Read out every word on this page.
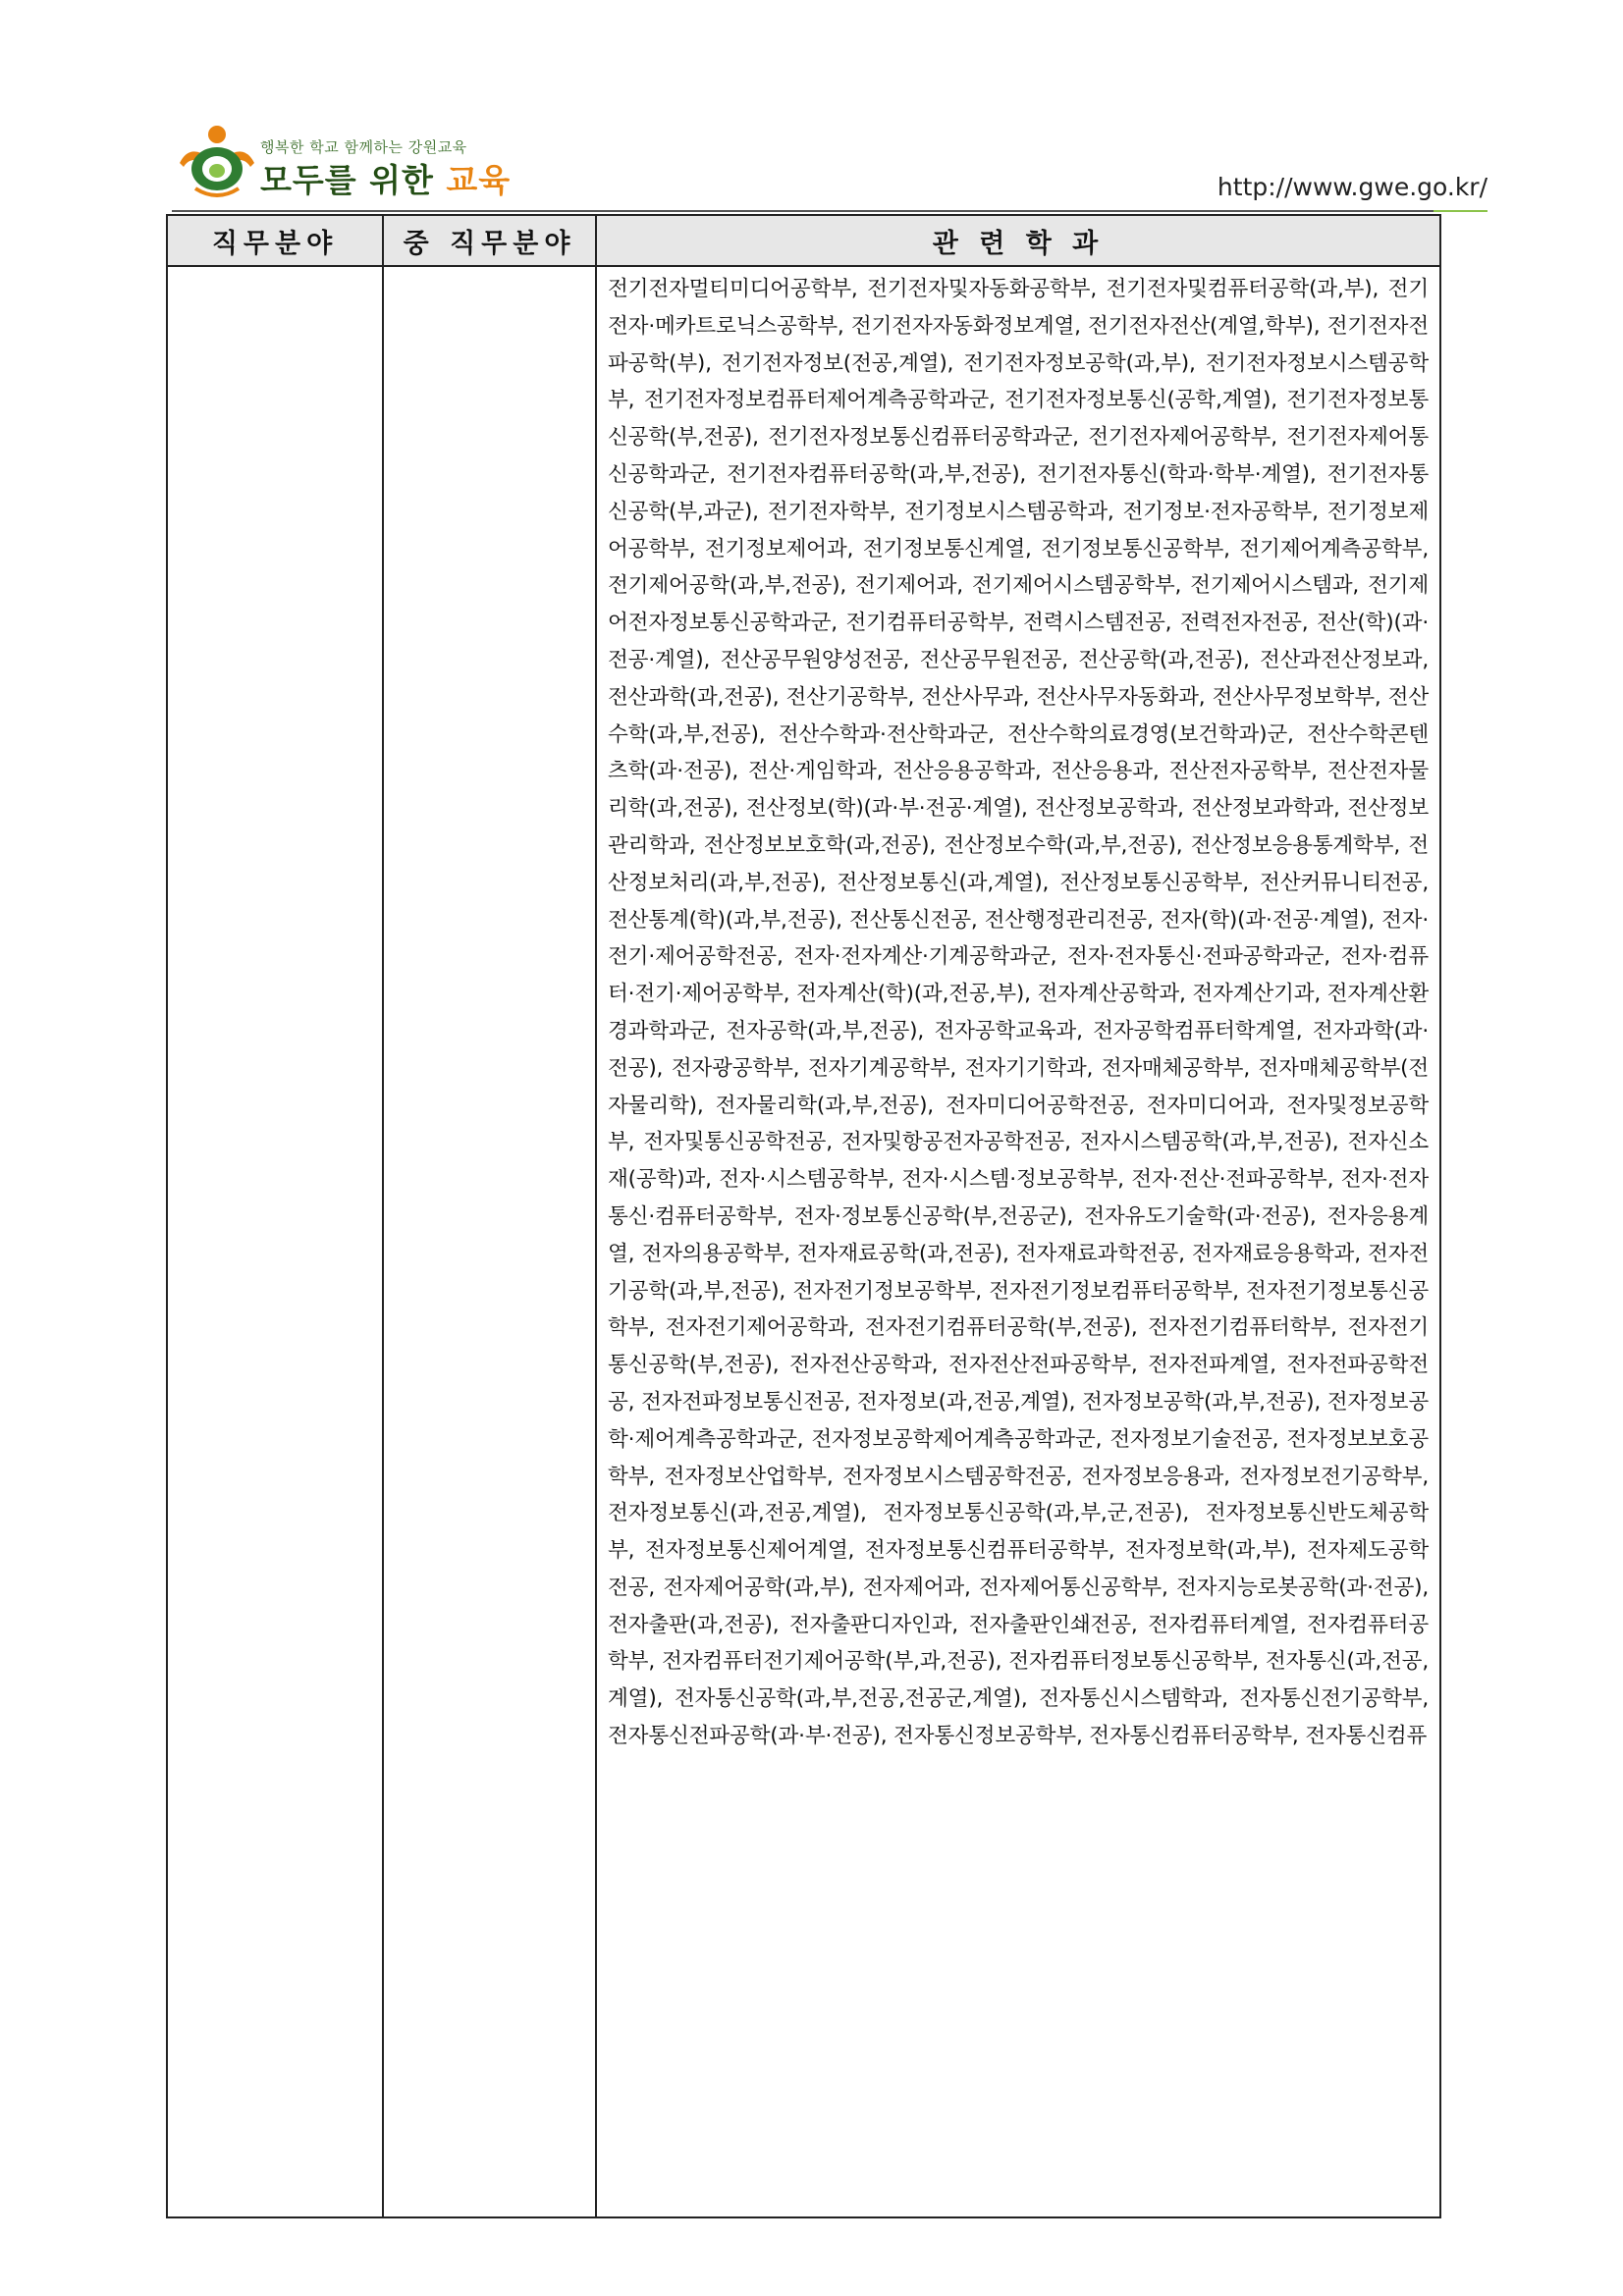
행복한 학교 함께하는 강원교육
모두를 위한 교육	http://www.gwe.go.kr/
직무분야	중 직무분야	관 련 학 과

		전기전자멀티미디어공학부, 전기전자및자동화공학부, 전기전자및컴퓨터공학(과,부), 전기전자·메카트로닉스공학부, 전기전자자동화정보계열, 전기전자전산(계열,학부), 전기전자전파공학(부), 전기전자정보(전공,계열), 전기전자정보공학(과,부), 전기전자정보시스템공학부, 전기전자정보컴퓨터제어계측공학과군, 전기전자정보통신(공학,계열), 전기전자정보통신공학(부,전공), 전기전자정보통신컴퓨터공학과군, 전기전자제어공학부, 전기전자제어통신공학과군, 전기전자컴퓨터공학(과,부,전공), 전기전자통신(학과·학부·계열), 전기전자통신공학(부,과군), 전기전자학부, 전기정보시스템공학과, 전기정보·전자공학부, 전기정보제어공학부, 전기정보제어과, 전기정보통신계열, 전기정보통신공학부, 전기제어계측공학부, 전기제어공학(과,부,전공), 전기제어과, 전기제어시스템공학부, 전기제어시스템과, 전기제어전자정보통신공학과군, 전기컴퓨터공학부, 전력시스템전공, 전력전자전공, 전산(학)(과·전공·계열), 전산공무원양성전공, 전산공무원전공, 전산공학(과,전공), 전산과전산정보과, 전산과학(과,전공), 전산기공학부, 전산사무과, 전산사무자동화과, 전산사무정보학부, 전산수학(과,부,전공), 전산수학과·전산학과군, 전산수학의료경영(보건학과)군, 전산수학콘텐츠학(과·전공), 전산·게임학과, 전산응용공학과, 전산응용과, 전산전자공학부, 전산전자물리학(과,전공), 전산정보(학)(과·부·전공·계열), 전산정보공학과, 전산정보과학과, 전산정보관리학과, 전산정보보호학(과,전공), 전산정보수학(과,부,전공), 전산정보응용통계학부, 전산정보처리(과,부,전공), 전산정보통신(과,계열), 전산정보통신공학부, 전산커뮤니티전공, 전산통계(학)(과,부,전공), 전산통신전공, 전산행정관리전공, 전자(학)(과·전공·계열), 전자·전기·제어공학전공, 전자·전자계산·기계공학과군, 전자·전자통신·전파공학과군, 전자·컴퓨터·전기·제어공학부, 전자계산(학)(과,전공,부), 전자계산공학과, 전자계산기과, 전자계산환경과학과군, 전자공학(과,부,전공), 전자공학교육과, 전자공학컴퓨터학계열, 전자과학(과·전공), 전자광공학부, 전자기계공학부, 전자기기학과, 전자매체공학부, 전자매체공학부(전자물리학), 전자물리학(과,부,전공), 전자미디어공학전공, 전자미디어과, 전자및정보공학부, 전자및통신공학전공, 전자및항공전자공학전공, 전자시스템공학(과,부,전공), 전자신소재(공학)과, 전자·시스템공학부, 전자·시스템·정보공학부, 전자·전산·전파공학부, 전자·전자통신·컴퓨터공학부, 전자·정보통신공학(부,전공군), 전자유도기술학(과·전공), 전자응용계열, 전자의용공학부, 전자재료공학(과,전공), 전자재료과학전공, 전자재료응용학과, 전자전기공학(과,부,전공), 전자전기정보공학부, 전자전기정보컴퓨터공학부, 전자전기정보통신공학부, 전자전기제어공학과, 전자전기컴퓨터공학(부,전공), 전자전기컴퓨터학부, 전자전기통신공학(부,전공), 전자전산공학과, 전자전산전파공학부, 전자전파계열, 전자전파공학전공, 전자전파정보통신전공, 전자정보(과,전공,계열), 전자정보공학(과,부,전공), 전자정보공학·제어계측공학과군, 전자정보공학제어계측공학과군, 전자정보기술전공, 전자정보보호공학부, 전자정보산업학부, 전자정보시스템공학전공, 전자정보응용과, 전자정보전기공학부, 전자정보통신(과,전공,계열), 전자정보통신공학(과,부,군,전공), 전자정보통신반도체공학부, 전자정보통신제어계열, 전자정보통신컴퓨터공학부, 전자정보학(과,부), 전자제도공학전공, 전자제어공학(과,부), 전자제어과, 전자제어통신공학부, 전자지능로봇공학(과·전공), 전자출판(과,전공), 전자출판디자인과, 전자출판인쇄전공, 전자컴퓨터계열, 전자컴퓨터공학부, 전자컴퓨터전기제어공학(부,과,전공), 전자컴퓨터정보통신공학부, 전자통신(과,전공,계열), 전자통신공학(과,부,전공,전공군,계열), 전자통신시스템학과, 전자통신전기공학부, 전자통신전파공학(과·부·전공), 전자통신정보공학부, 전자통신컴퓨터공학부, 전자통신컴퓨
